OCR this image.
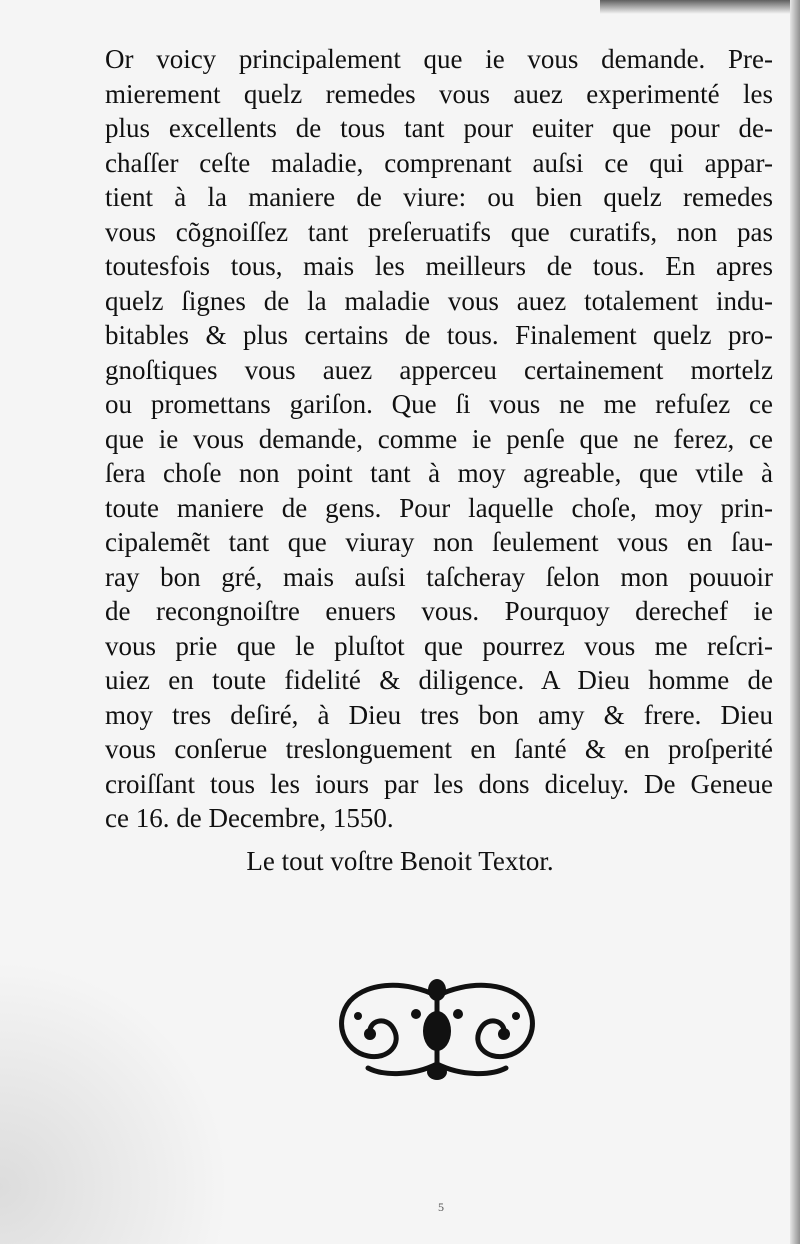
Or voicy principalement que ie vous demande. Pre-
mierement quelz remedes vous auez experimenté les
plus excellents de tous tant pour euiter que pour de-
chaſſer ceſte maladie, comprenant auſsi ce qui appar-
tient à la maniere de viure: ou bien quelz remedes
vous cõgnoiſſez tant preſeruatifs que curatifs, non pas
toutesfois tous, mais les meilleurs de tous. En apres
quelz ſignes de la maladie vous auez totalement indu-
bitables & plus certains de tous. Finalement quelz pro-
gnoſtiques vous auez apperceu certainement mortelz
ou promettans gariſon. Que ſi vous ne me refuſez ce
que ie vous demande, comme ie penſe que ne ferez, ce
ſera choſe non point tant à moy agreable, que vtile à
toute maniere de gens. Pour laquelle choſe, moy prin-
cipalemẽt tant que viuray non ſeulement vous en ſau-
ray bon gré, mais auſsi taſcheray ſelon mon pouuoir
de recongnoiſtre enuers vous. Pourquoy derechef ie
vous prie que le pluſtot que pourrez vous me reſcri-
uiez en toute fidelité & diligence. A Dieu homme de
moy tres deſiré, à Dieu tres bon amy & frere. Dieu
vous conſerue treslonguement en ſanté & en proſperité
croiſſant tous les iours par les dons diceluy. De Geneue
ce 16. de Decembre, 1550.
Le tout voſtre Benoit Textor.
5
